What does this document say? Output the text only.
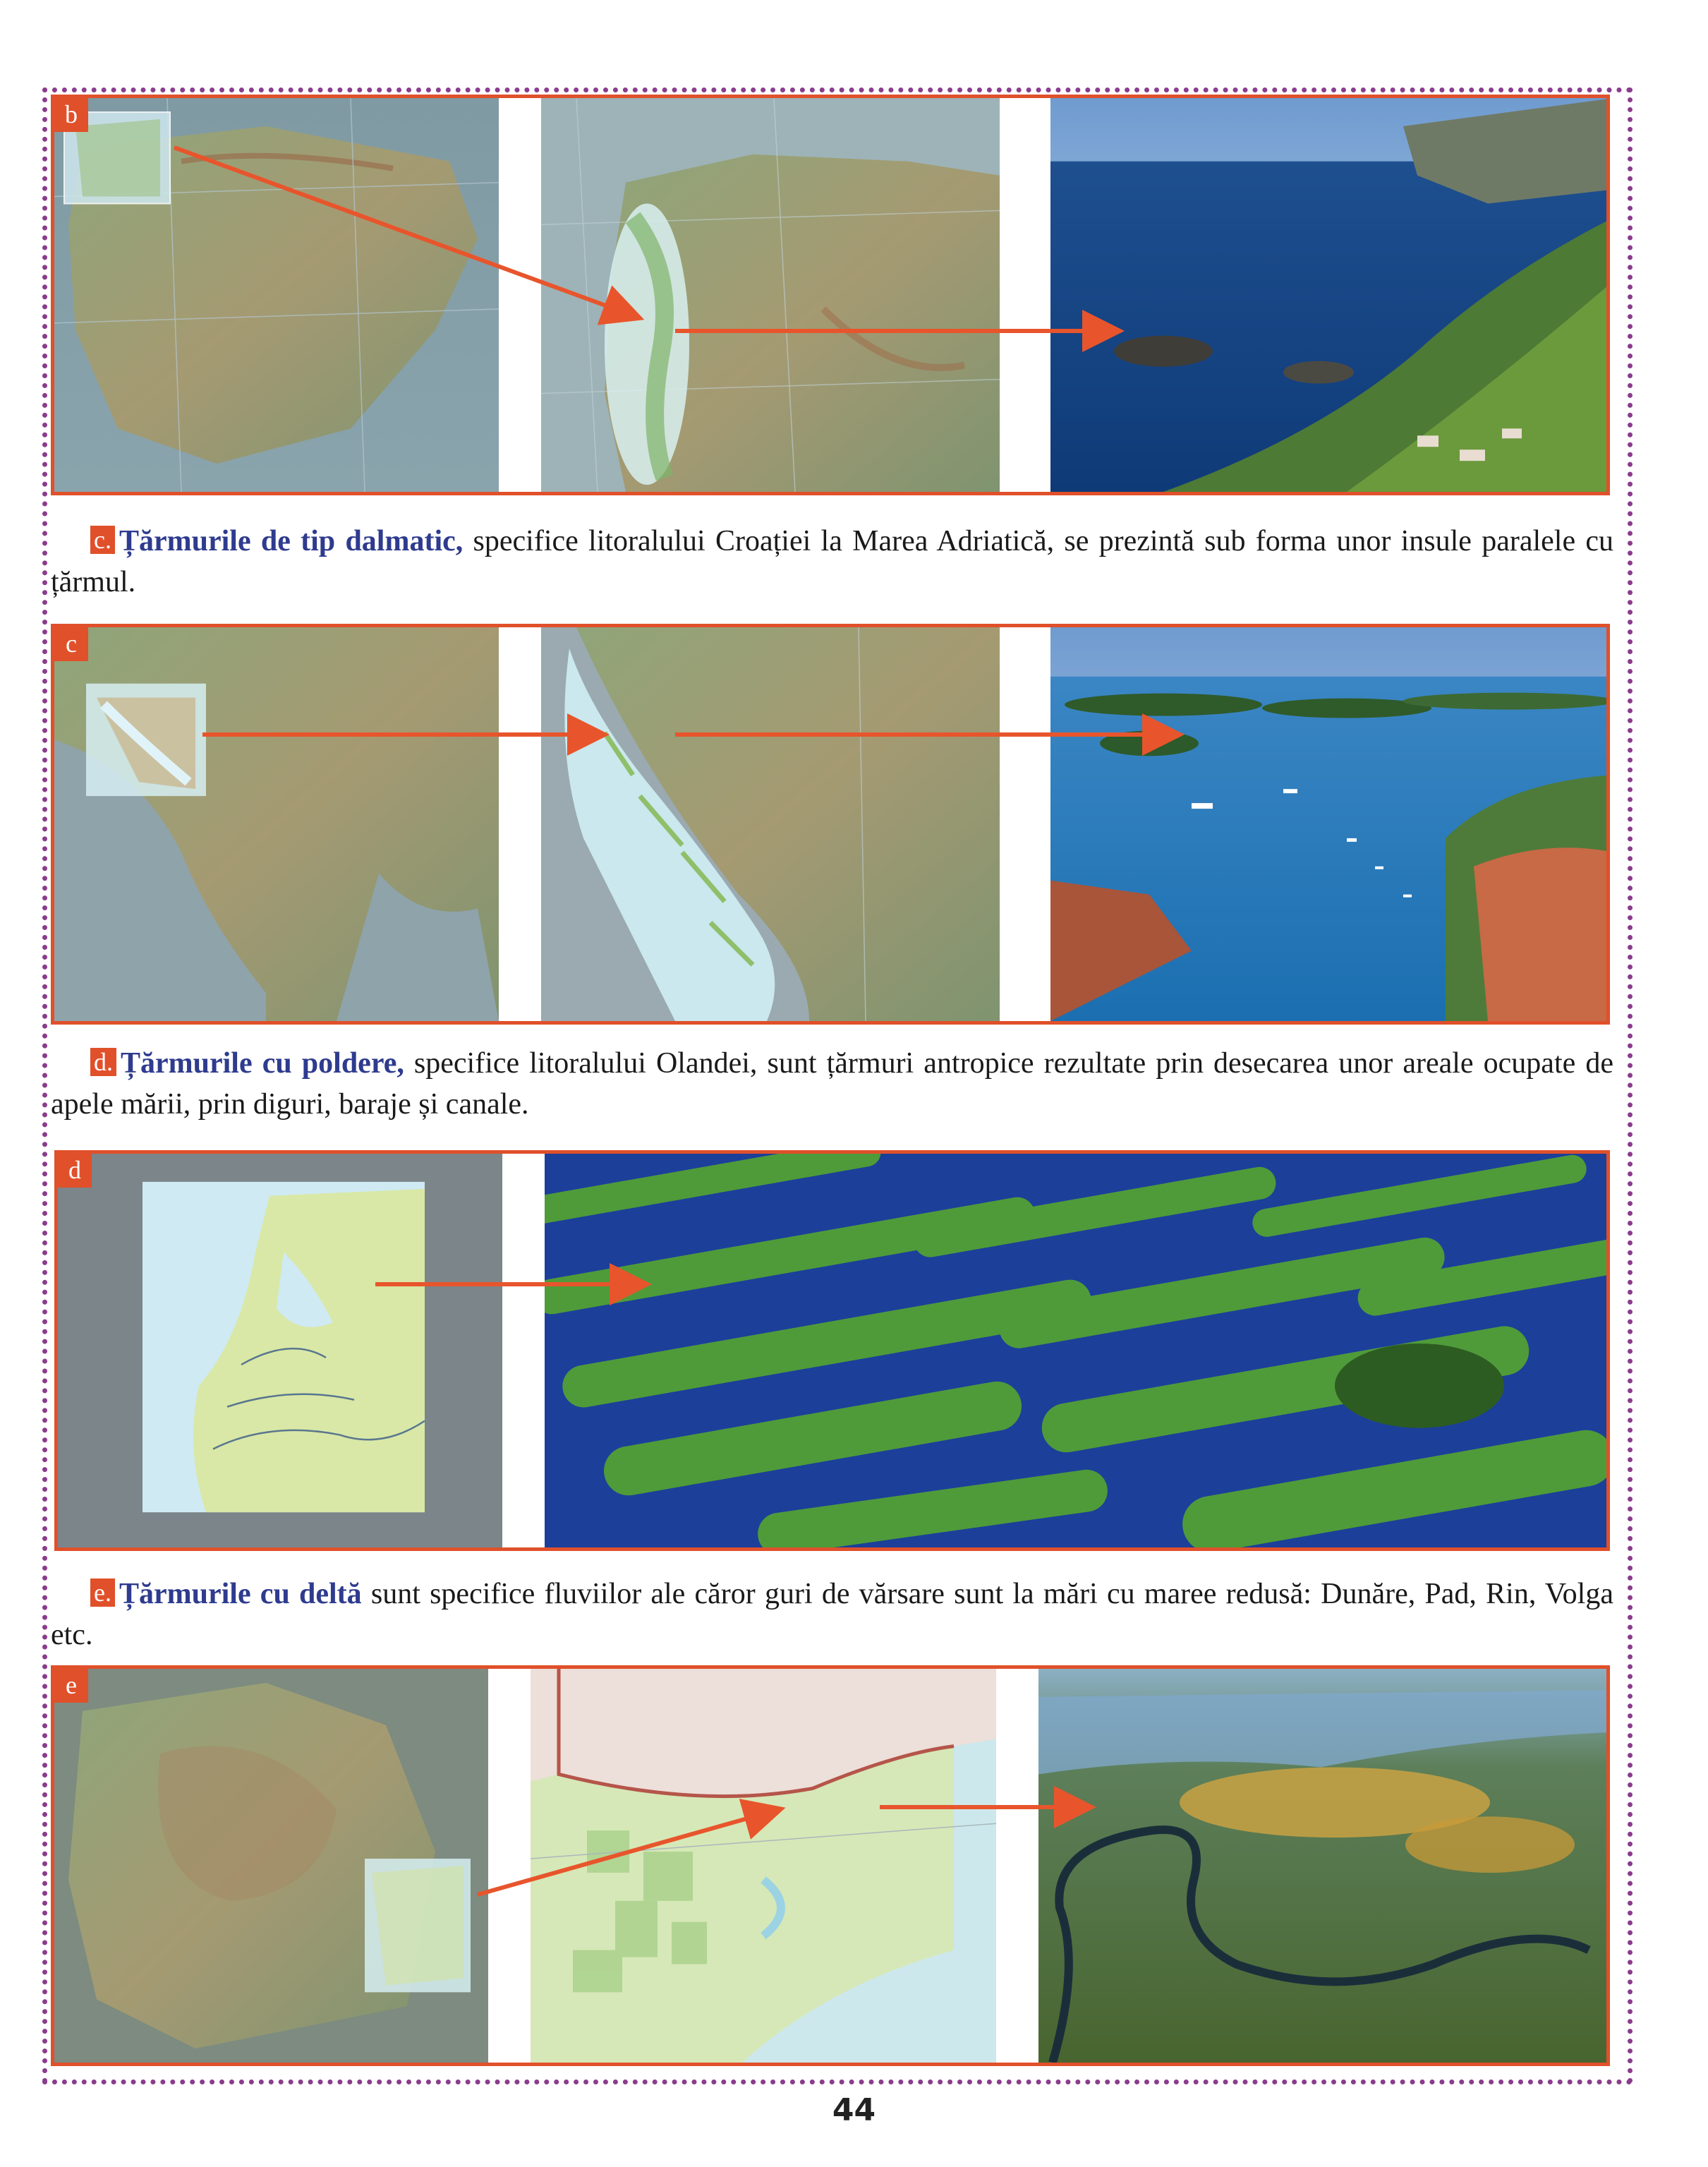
b
c. Țărmurile de tip dalmatic, specifice litoralului Croației la Marea Adriatică, se prezintă sub forma unor insule paralele cu țărmul.
c
d. Țărmurile cu poldere, specifice litoralului Olandei, sunt țărmuri antropice rezultate prin desecarea unor areale ocupate de apele mării, prin diguri, baraje și canale.
d
e. Țărmurile cu deltă sunt specifice fluviilor ale căror guri de vărsare sunt la mări cu maree redusă: Dunăre, Pad, Rin, Volga etc.
e
44
